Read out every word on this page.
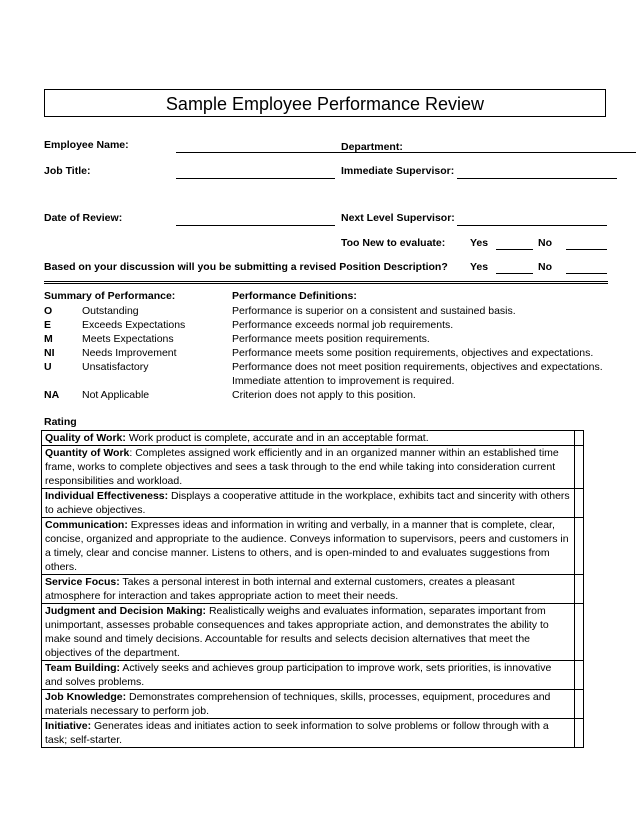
Sample Employee Performance Review
Employee Name:	Department:
Job Title:	Immediate Supervisor:
Date of Review:	Next Level Supervisor:
Too New to evaluate: Yes	No
Based on your discussion will you be submitting a revised Position Description? Yes	No
Summary of Performance:	Performance Definitions:
O	Outstanding	Performance is superior on a consistent and sustained basis.
E	Exceeds Expectations	Performance exceeds normal job requirements.
M	Meets Expectations	Performance meets position requirements.
NI	Needs Improvement	Performance meets some position requirements, objectives and expectations.
U	Unsatisfactory	Performance does not meet position requirements, objectives and expectations.
Immediate attention to improvement is required.
NA Not Applicable	Criterion does not apply to this position.
Rating
Quality of Work: Work product is complete, accurate and in an acceptable format.	
Quantity of Work: Completes assigned work efficiently and in an organized manner within an established time frame, works to complete objectives and sees a task through to the end while taking into consideration current responsibilities and workload.	
Individual Effectiveness: Displays a cooperative attitude in the workplace, exhibits tact and sincerity with others to achieve objectives.	
Communication: Expresses ideas and information in writing and verbally, in a manner that is complete, clear, concise, organized and appropriate to the audience. Conveys information to supervisors, peers and customers in a timely, clear and concise manner. Listens to others, and is open-minded to and evaluates suggestions from others.	
Service Focus: Takes a personal interest in both internal and external customers, creates a pleasant atmosphere for interaction and takes appropriate action to meet their needs.	
Judgment and Decision Making: Realistically weighs and evaluates information, separates important from unimportant, assesses probable consequences and takes appropriate action, and demonstrates the ability to make sound and timely decisions. Accountable for results and selects decision alternatives that meet the objectives of the department.	
Team Building: Actively seeks and achieves group participation to improve work, sets priorities, is innovative and solves problems.	
Job Knowledge: Demonstrates comprehension of techniques, skills, processes, equipment, procedures and materials necessary to perform job.	
Initiative: Generates ideas and initiates action to seek information to solve problems or follow through with a task; self-starter.	
